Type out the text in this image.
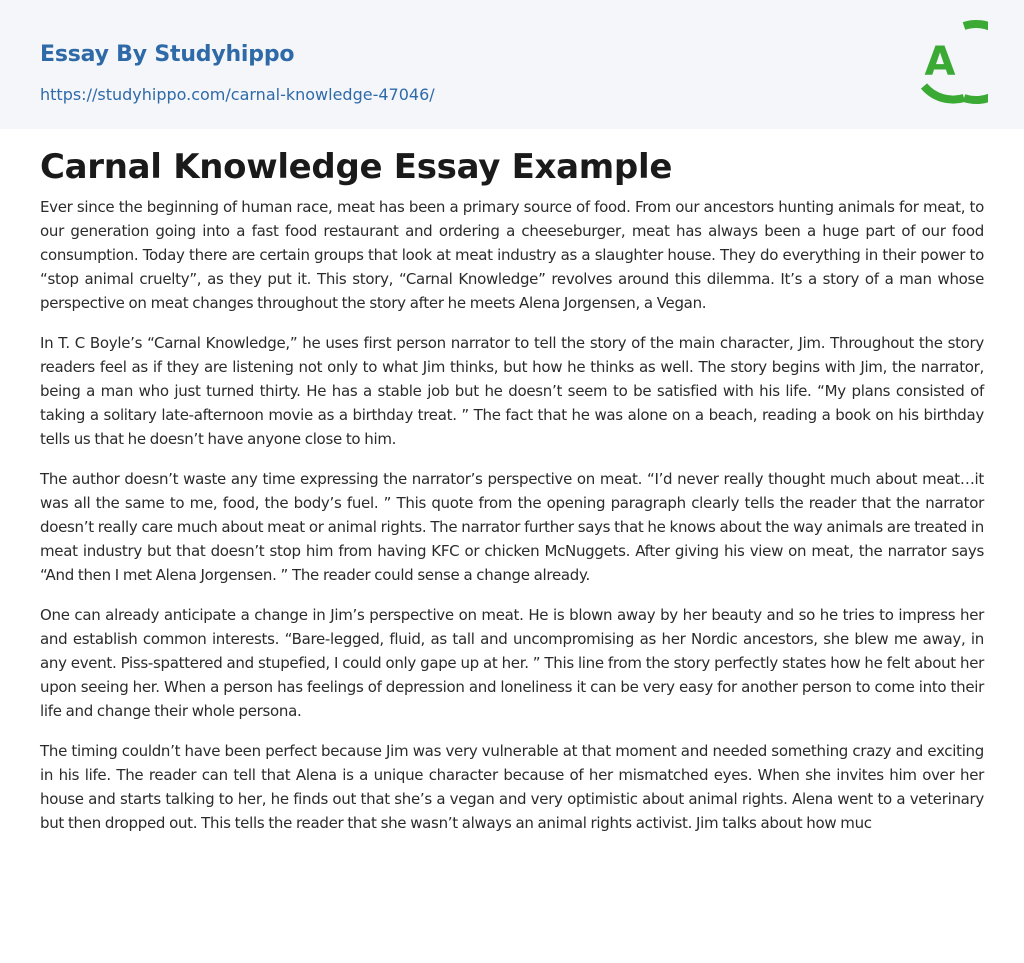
Essay By Studyhippo
https://studyhippo.com/carnal-knowledge-47046/
A
Carnal Knowledge Essay Example

Ever since the beginning of human race, meat has been a primary source of food. From our ancestors hunting animals for meat, to our generation going into a fast food restaurant and ordering a cheeseburger, meat has always been a huge part of our food consumption. Today there are certain groups that look at meat industry as a slaughter house. They do everything in their power to “stop animal cruelty”, as they put it. This story, “Carnal Knowledge” revolves around this dilemma. It’s a story of a man whose perspective on meat changes throughout the story after he meets Alena Jorgensen, a Vegan.

In T. C Boyle’s “Carnal Knowledge,” he uses first person narrator to tell the story of the main character, Jim. Throughout the story readers feel as if they are listening not only to what Jim thinks, but how he thinks as well. The story begins with Jim, the narrator, being a man who just turned thirty. He has a stable job but he doesn’t seem to be satisfied with his life. “My plans consisted of taking a solitary late-afternoon movie as a birthday treat. ” The fact that he was alone on a beach, reading a book on his birthday tells us that he doesn’t have anyone close to him.

The author doesn’t waste any time expressing the narrator’s perspective on meat. “I’d never really thought much about meat…it was all the same to me, food, the body’s fuel. ” This quote from the opening paragraph clearly tells the reader that the narrator doesn’t really care much about meat or animal rights. The narrator further says that he knows about the way animals are treated in meat industry but that doesn’t stop him from having KFC or chicken McNuggets. After giving his view on meat, the narrator says “And then I met Alena Jorgensen. ” The reader could sense a change already.

One can already anticipate a change in Jim’s perspective on meat. He is blown away by her beauty and so he tries to impress her and establish common interests. “Bare-legged, fluid, as tall and uncompromising as her Nordic ancestors, she blew me away, in any event. Piss-spattered and stupefied, I could only gape up at her. ” This line from the story perfectly states how he felt about her upon seeing her. When a person has feelings of depression and loneliness it can be very easy for another person to come into their life and change their whole persona.

The timing couldn’t have been perfect because Jim was very vulnerable at that moment and needed something crazy and exciting in his life. The reader can tell that Alena is a unique character because of her mismatched eyes. When she invites him over her house and starts talking to her, he finds out that she’s a vegan and very optimistic about animal rights. Alena went to a veterinary but then dropped out. This tells the reader that she wasn’t always an animal rights activist. Jim talks about how muc
